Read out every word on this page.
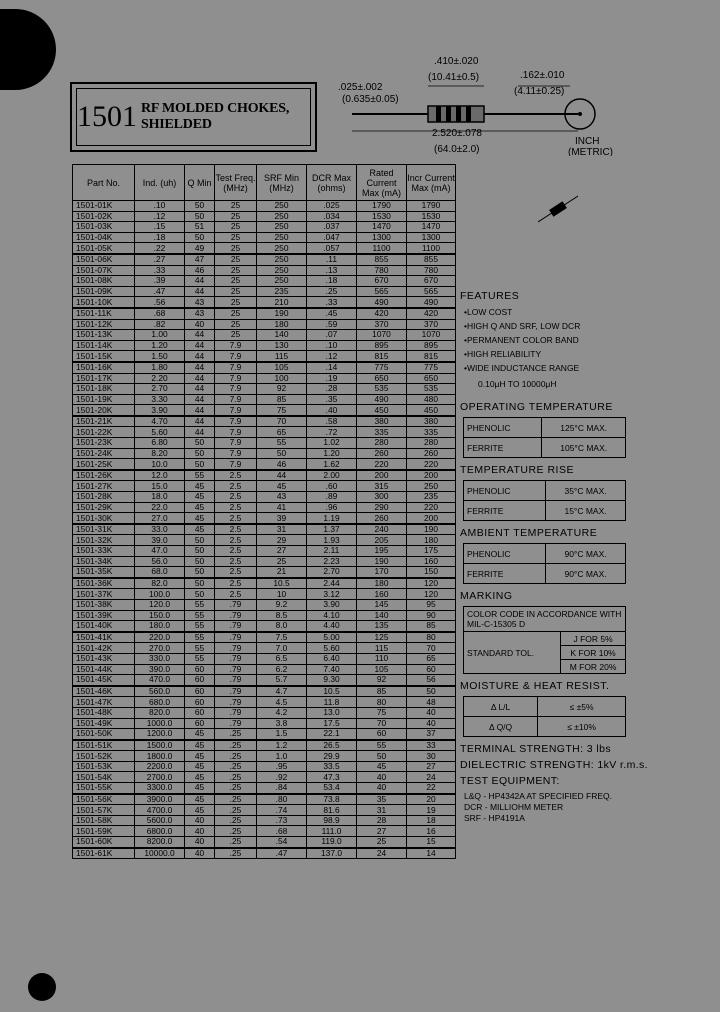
1501 RF MOLDED CHOKES, SHIELDED
.025±.002
(0.635±0.05)
.410±.020
(10.41±0.5)	.162±.010
(4.11±0.25)
2.520±.078
(64.0±2.0)
INCH
(METRIC)
Part No.	Ind. (uh)	Q Min	Test Freq. (MHz)	SRF Min (MHz)	DCR Max (ohms)	Rated Current Max (mA)	Incr Current Max (mA)
1501-01K	.10	50	25	250	.025	1790	1790
1501-02K	.12	50	25	250	.034	1530	1530
1501-03K	.15	51	25	250	.037	1470	1470
1501-04K	.18	50	25	250	.047	1300	1300
1501-05K	.22	49	25	250	.057	1100	1100
1501-06K	.27	47	25	250	.11	855	855
1501-07K	.33	46	25	250	.13	780	780
1501-08K	.39	44	25	250	.18	670	670
1501-09K	.47	44	25	235	.25	565	565
1501-10K	.56	43	25	210	.33	490	490
1501-11K	.68	43	25	190	.45	420	420
1501-12K	.82	40	25	180	.59	370	370
1501-13K	1.00	44	25	140	.07	1070	1070
1501-14K	1.20	44	7.9	130	.10	895	895
1501-15K	1.50	44	7.9	115	.12	815	815
1501-16K	1.80	44	7.9	105	.14	775	775
1501-17K	2.20	44	7.9	100	.19	650	650
1501-18K	2.70	44	7.9	92	.28	535	535
1501-19K	3.30	44	7.9	85	.35	490	480
1501-20K	3.90	44	7.9	75	.40	450	450
1501-21K	4.70	44	7.9	70	.58	380	380
1501-22K	5.60	44	7.9	65	.72	335	335
1501-23K	6.80	50	7.9	55	1.02	280	280
1501-24K	8.20	50	7.9	50	1.20	260	260
1501-25K	10.0	50	7.9	46	1.62	220	220
1501-26K	12.0	55	2.5	44	2.00	200	200
1501-27K	15.0	45	2.5	45	.60	315	250
1501-28K	18.0	45	2.5	43	.89	300	235
1501-29K	22.0	45	2.5	41	.96	290	220
1501-30K	27.0	45	2.5	39	1.19	260	200
1501-31K	33.0	45	2.5	31	1.37	240	190
1501-32K	39.0	50	2.5	29	1.93	205	180
1501-33K	47.0	50	2.5	27	2.11	195	175
1501-34K	56.0	50	2.5	25	2.23	190	160
1501-35K	68.0	50	2.5	21	2.70	170	150
1501-36K	82.0	50	2.5	10.5	2.44	180	120
1501-37K	100.0	50	2.5	10	3.12	160	120
1501-38K	120.0	55	.79	9.2	3.90	145	95
1501-39K	150.0	55	.79	8.5	4.10	140	90
1501-40K	180.0	55	.79	8.0	4.40	135	85
1501-41K	220.0	55	.79	7.5	5.00	125	80
1501-42K	270.0	55	.79	7.0	5.60	115	70
1501-43K	330.0	55	.79	6.5	6.40	110	65
1501-44K	390.0	60	.79	6.2	7.40	105	60
1501-45K	470.0	60	.79	5.7	9.30	92	56
1501-46K	560.0	60	.79	4.7	10.5	85	50
1501-47K	680.0	60	.79	4.5	11.8	80	48
1501-48K	820.0	60	.79	4.2	13.0	75	40
1501-49K	1000.0	60	.79	3.8	17.5	70	40
1501-50K	1200.0	45	.25	1.5	22.1	60	37
1501-51K	1500.0	45	.25	1.2	26.5	55	33
1501-52K	1800.0	45	.25	1.0	29.9	50	30
1501-53K	2200.0	45	.25	.95	33.5	45	27
1501-54K	2700.0	45	.25	.92	47.3	40	24
1501-55K	3300.0	45	.25	.84	53.4	40	22
1501-56K	3900.0	45	.25	.80	73.8	35	20
1501-57K	4700.0	45	.25	.74	81.6	31	19
1501-58K	5600.0	40	.25	.73	98.9	28	18
1501-59K	6800.0	40	.25	.68	111.0	27	16
1501-60K	8200.0	40	.25	.54	119.0	25	15
1501-61K	10000.0	40	.25	.47	137.0	24	14

FEATURES

• LOW COST
• HIGH Q AND SRF, LOW DCR
• PERMANENT COLOR BAND
• HIGH RELIABILITY
• WIDE INDUCTANCE RANGE
0.10μH TO 10000μH

OPERATING TEMPERATURE

PHENOLIC	125°C MAX.
FERRITE	105°C MAX.

TEMPERATURE RISE

PHENOLIC	35°C MAX.
FERRITE	15°C MAX.

AMBIENT TEMPERATURE

PHENOLIC	90°C MAX.
FERRITE	90°C MAX.

MARKING

COLOR CODE IN ACCORDANCE WITH MIL-C-15305 D
STANDARD TOL.	J FOR 5%
K FOR 10%
M FOR 20%

MOISTURE & HEAT RESIST.

Δ L/L	≤ ±5%
Δ Q/Q	≤ ±10%
TERMINAL STRENGTH: 3 lbs
DIELECTRIC STRENGTH: 1kV r.m.s.
TEST EQUIPMENT:
L&Q - HP4342A AT SPECIFIED FREQ.
DCR - MILLIOHM METER
SRF - HP4191A
